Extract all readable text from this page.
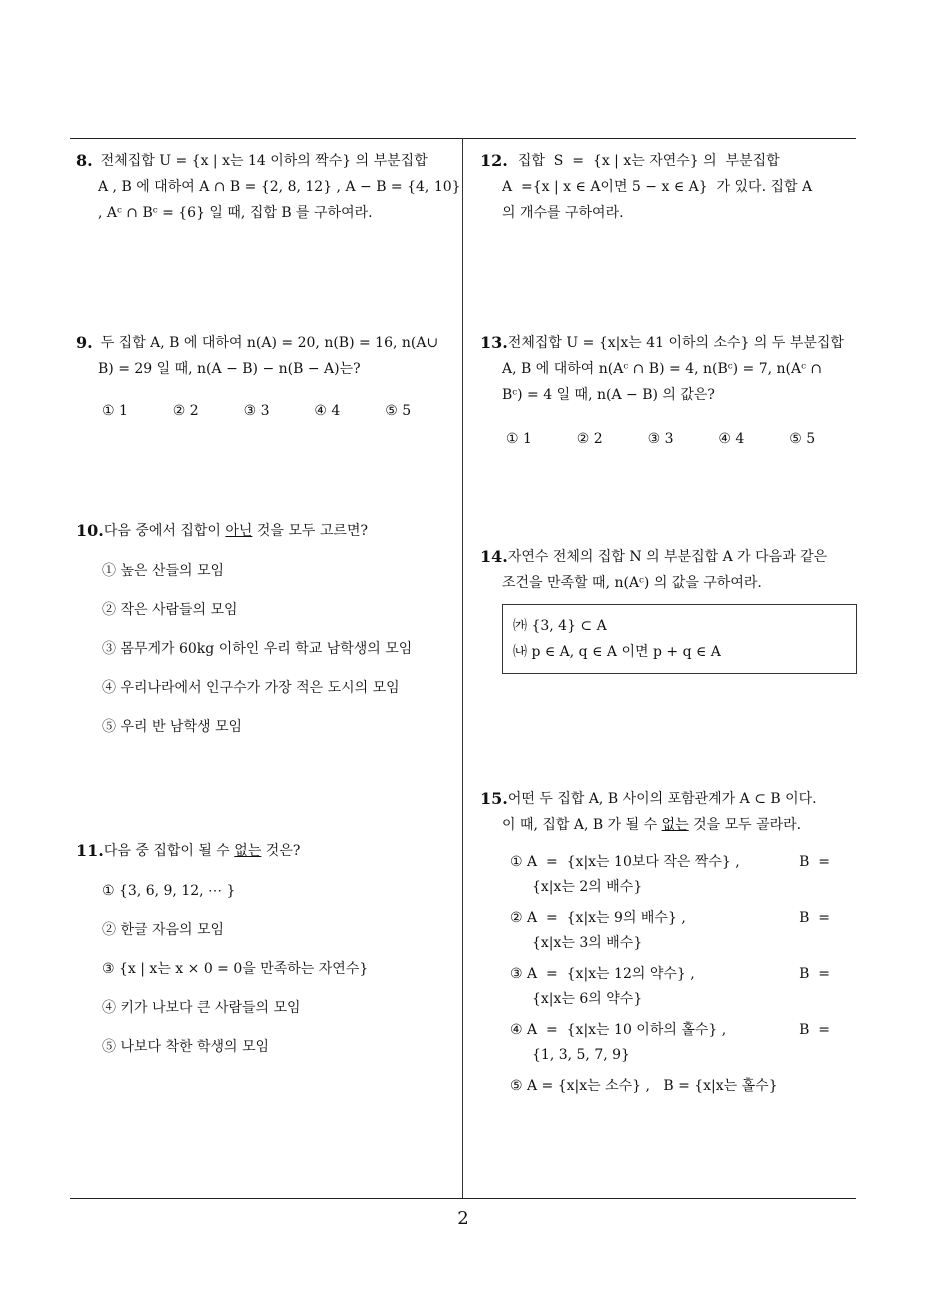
8. 전체집합 U = {x | x는 14 이하의 짝수} 의 부분집합
A , B 에 대하여 A ∩ B = {2, 8, 12} , A − B = {4, 10}
, Aᶜ ∩ Bᶜ = {6} 일 때, 집합 B 를 구하여라.
9. 두 집합 A, B 에 대하여 n(A) = 20, n(B) = 16, n(A∪
B) = 29 일 때, n(A − B) − n(B − A)는?
① 1	② 2	③ 3	④ 4	⑤ 5
10. 다음 중에서 집합이 아닌 것을 모두 고르면?
① 높은 산들의 모임
② 작은 사람들의 모임
③ 몸무게가 60kg 이하인 우리 학교 남학생의 모임
④ 우리나라에서 인구수가 가장 적은 도시의 모임
⑤ 우리 반 남학생 모임
11. 다음 중 집합이 될 수 없는 것은?
① {3, 6, 9, 12, ⋯ }
② 한글 자음의 모임
③ {x | x는 x × 0 = 0을 만족하는 자연수}
④ 키가 나보다 큰 사람들의 모임
⑤ 나보다 착한 학생의 모임
12. 집합  S  =  {x | x는 자연수} 의  부분집합
A  ={x | x ∈ A이면 5 − x ∈ A}  가 있다. 집합 A
의 개수를 구하여라.
13. 전체집합 U = {x|x는 41 이하의 소수} 의 두 부분집합
A, B 에 대하여 n(Aᶜ ∩ B) = 4, n(Bᶜ) = 7, n(Aᶜ ∩
Bᶜ) = 4 일 때, n(A − B) 의 값은?
① 1	② 2	③ 3	④ 4	⑤ 5
14. 자연수 전체의 집합 N 의 부분집합 A 가 다음과 같은
조건을 만족할 때, n(Aᶜ) 의 값을 구하여라.
㈎ {3, 4} ⊂ A
㈏ p ∈ A, q ∈ A 이면 p + q ∈ A
15. 어떤 두 집합 A, B 사이의 포함관계가 A ⊂ B 이다.
이 때, 집합 A, B 가 될 수 없는 것을 모두 골라라.
① A  =  {x|x는 10보다 작은 짝수} ,	B  =
{x|x는 2의 배수}
② A  =  {x|x는 9의 배수} ,	B  =
{x|x는 3의 배수}
③ A  =  {x|x는 12의 약수} ,	B  =
{x|x는 6의 약수}
④ A  =  {x|x는 10 이하의 홀수} ,	B  =
{1, 3, 5, 7, 9}
⑤ A = {x|x는 소수} ,   B = {x|x는 홀수}
2
